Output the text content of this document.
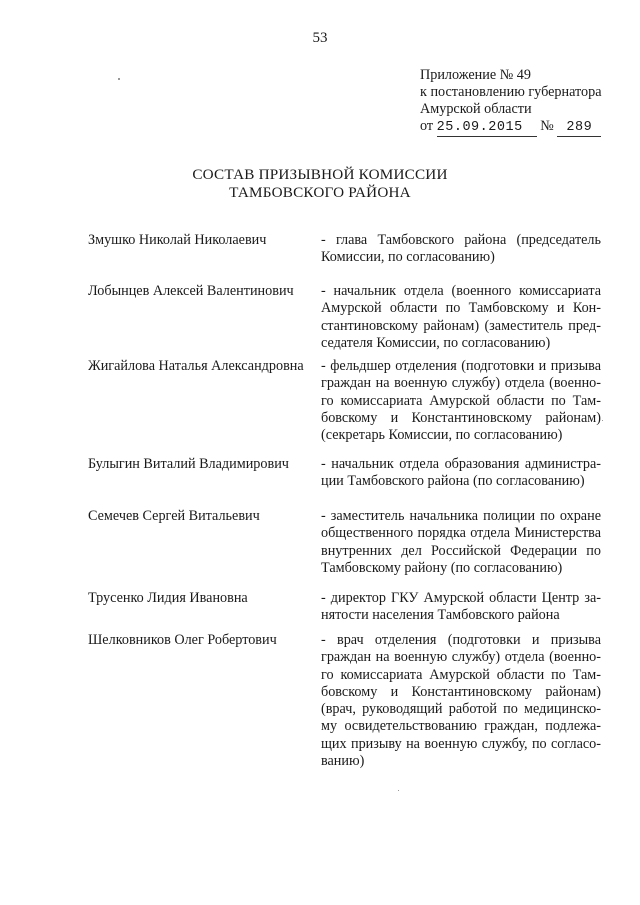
53
Приложение № 49
к постановлению губернатора
Амурской области
от 25.09.2015 № 289
СОСТАВ ПРИЗЫВНОЙ КОМИССИИ
ТАМБОВСКОГО РАЙОНА
Змушко Николай Николаевич	- глава Тамбовского района (председатель Комиссии, по согласованию)
Лобынцев Алексей Валентинович	- начальник отдела (военного комиссариата Амурской области по Тамбовскому и Константиновскому районам) (заместитель председателя Комиссии, по согласованию)
Жигайлова Наталья Александровна	- фельдшер отделения (подготовки и призыва граждан на военную службу) отдела (военного комиссариата Амурской области по Тамбовскому и Константиновскому районам) (секретарь Комиссии, по согласованию)
Булыгин Виталий Владимирович	- начальник отдела образования администрации Тамбовского района (по согласованию)
Семечев Сергей Витальевич	- заместитель начальника полиции по охране общественного порядка отдела Министерства внутренних дел Российской Федерации по Тамбовскому району (по согласованию)
Трусенко Лидия Ивановна	- директор ГКУ Амурской области Центр занятости населения Тамбовского района
Шелковников Олег Робертович	- врач отделения (подготовки и призыва граждан на военную службу) отдела (военного комиссариата Амурской области по Тамбовскому и Константиновскому районам) (врач, руководящий работой по медицинскому освидетельствованию граждан, подлежащих призыву на военную службу, по согласованию)
